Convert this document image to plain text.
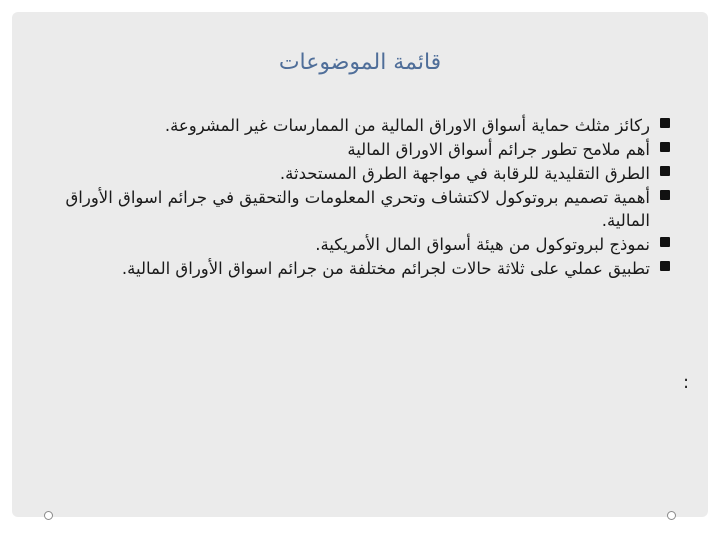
قائمة الموضوعات
ركائز مثلث حماية أسواق الاوراق المالية من الممارسات غير المشروعة.
أهم ملامح تطور جرائم أسواق الاوراق المالية
الطرق التقليدية للرقابة في مواجهة الطرق المستحدثة.
أهمية تصميم بروتوكول لاكتشاف وتحري المعلومات والتحقيق في جرائم اسواق الأوراق المالية.
نموذج لبروتوكول من هيئة أسواق المال الأمريكية.
تطبيق عملي على ثلاثة حالات لجرائم مختلفة من جرائم اسواق الأوراق المالية.
:
